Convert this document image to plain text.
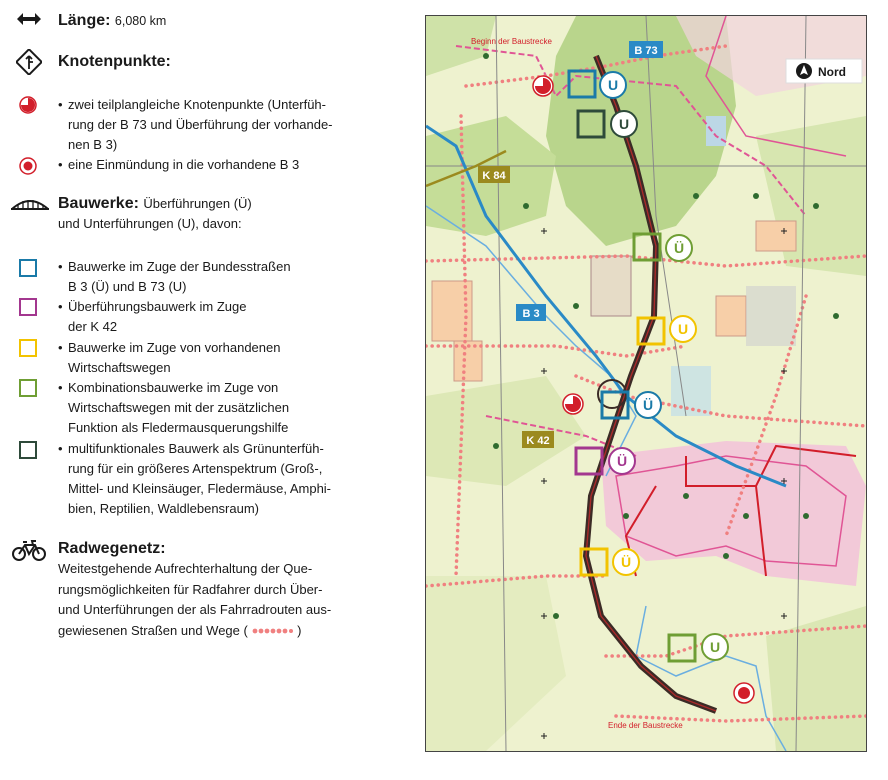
Länge: 6,080 km
Knotenpunkte:
• zwei teilplangleiche Knotenpunkte (Unterfüh-
rung der B 73 und Überführung der vorhande-
nen B 3)
• eine Einmündung in die vorhandene B 3
Bauwerke: Überführungen (Ü)
und Unterführungen (U), davon:
• Bauwerke im Zuge der Bundesstraßen
B 3 (Ü) und B 73 (U)
• Überführungsbauwerk im Zuge
der K 42
• Bauwerke im Zuge von vorhandenen
Wirtschaftswegen
• Kombinationsbauwerke im Zuge von
Wirtschaftswegen mit der zusätzlichen
Funktion als Fledermausquerungshilfe
• multifunktionales Bauwerk als Grünunterfüh-
rung für ein größeres Artenspektrum (Groß-,
Mittel- und Kleinsäuger, Fledermäuse, Amphi-
bien, Reptilien, Waldlebensraum)
Radwegenetz:
Weitestgehende Aufrechterhaltung der Que-
rungsmöglichkeiten für Radfahrer durch Über-
und Unterführungen der als Fahrradrouten aus-
gewiesenen Straßen und Wege (	)
B 73
B 3
K 84
K 42
Beginn der Baustrecke
Ende der Baustrecke
U
U
Ü
U
Ü
Ü
Ü
U
Nord
